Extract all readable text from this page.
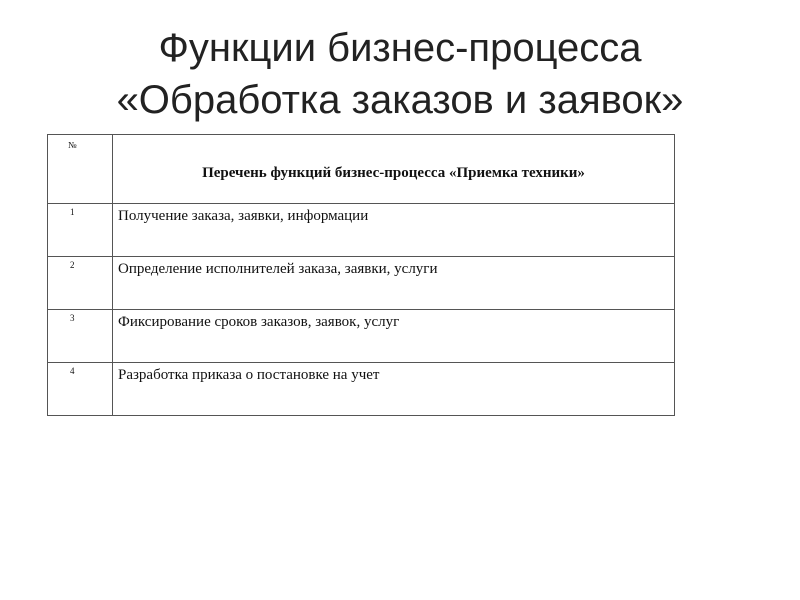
Функции бизнес-процесса
«Обработка заказов и заявок»
№	Перечень функций бизнес-процесса «Приемка техники»
1	Получение заказа, заявки, информации
2	Определение исполнителей заказа, заявки, услуги
3	Фиксирование сроков заказов, заявок, услуг
4	Разработка приказа о постановке на учет
